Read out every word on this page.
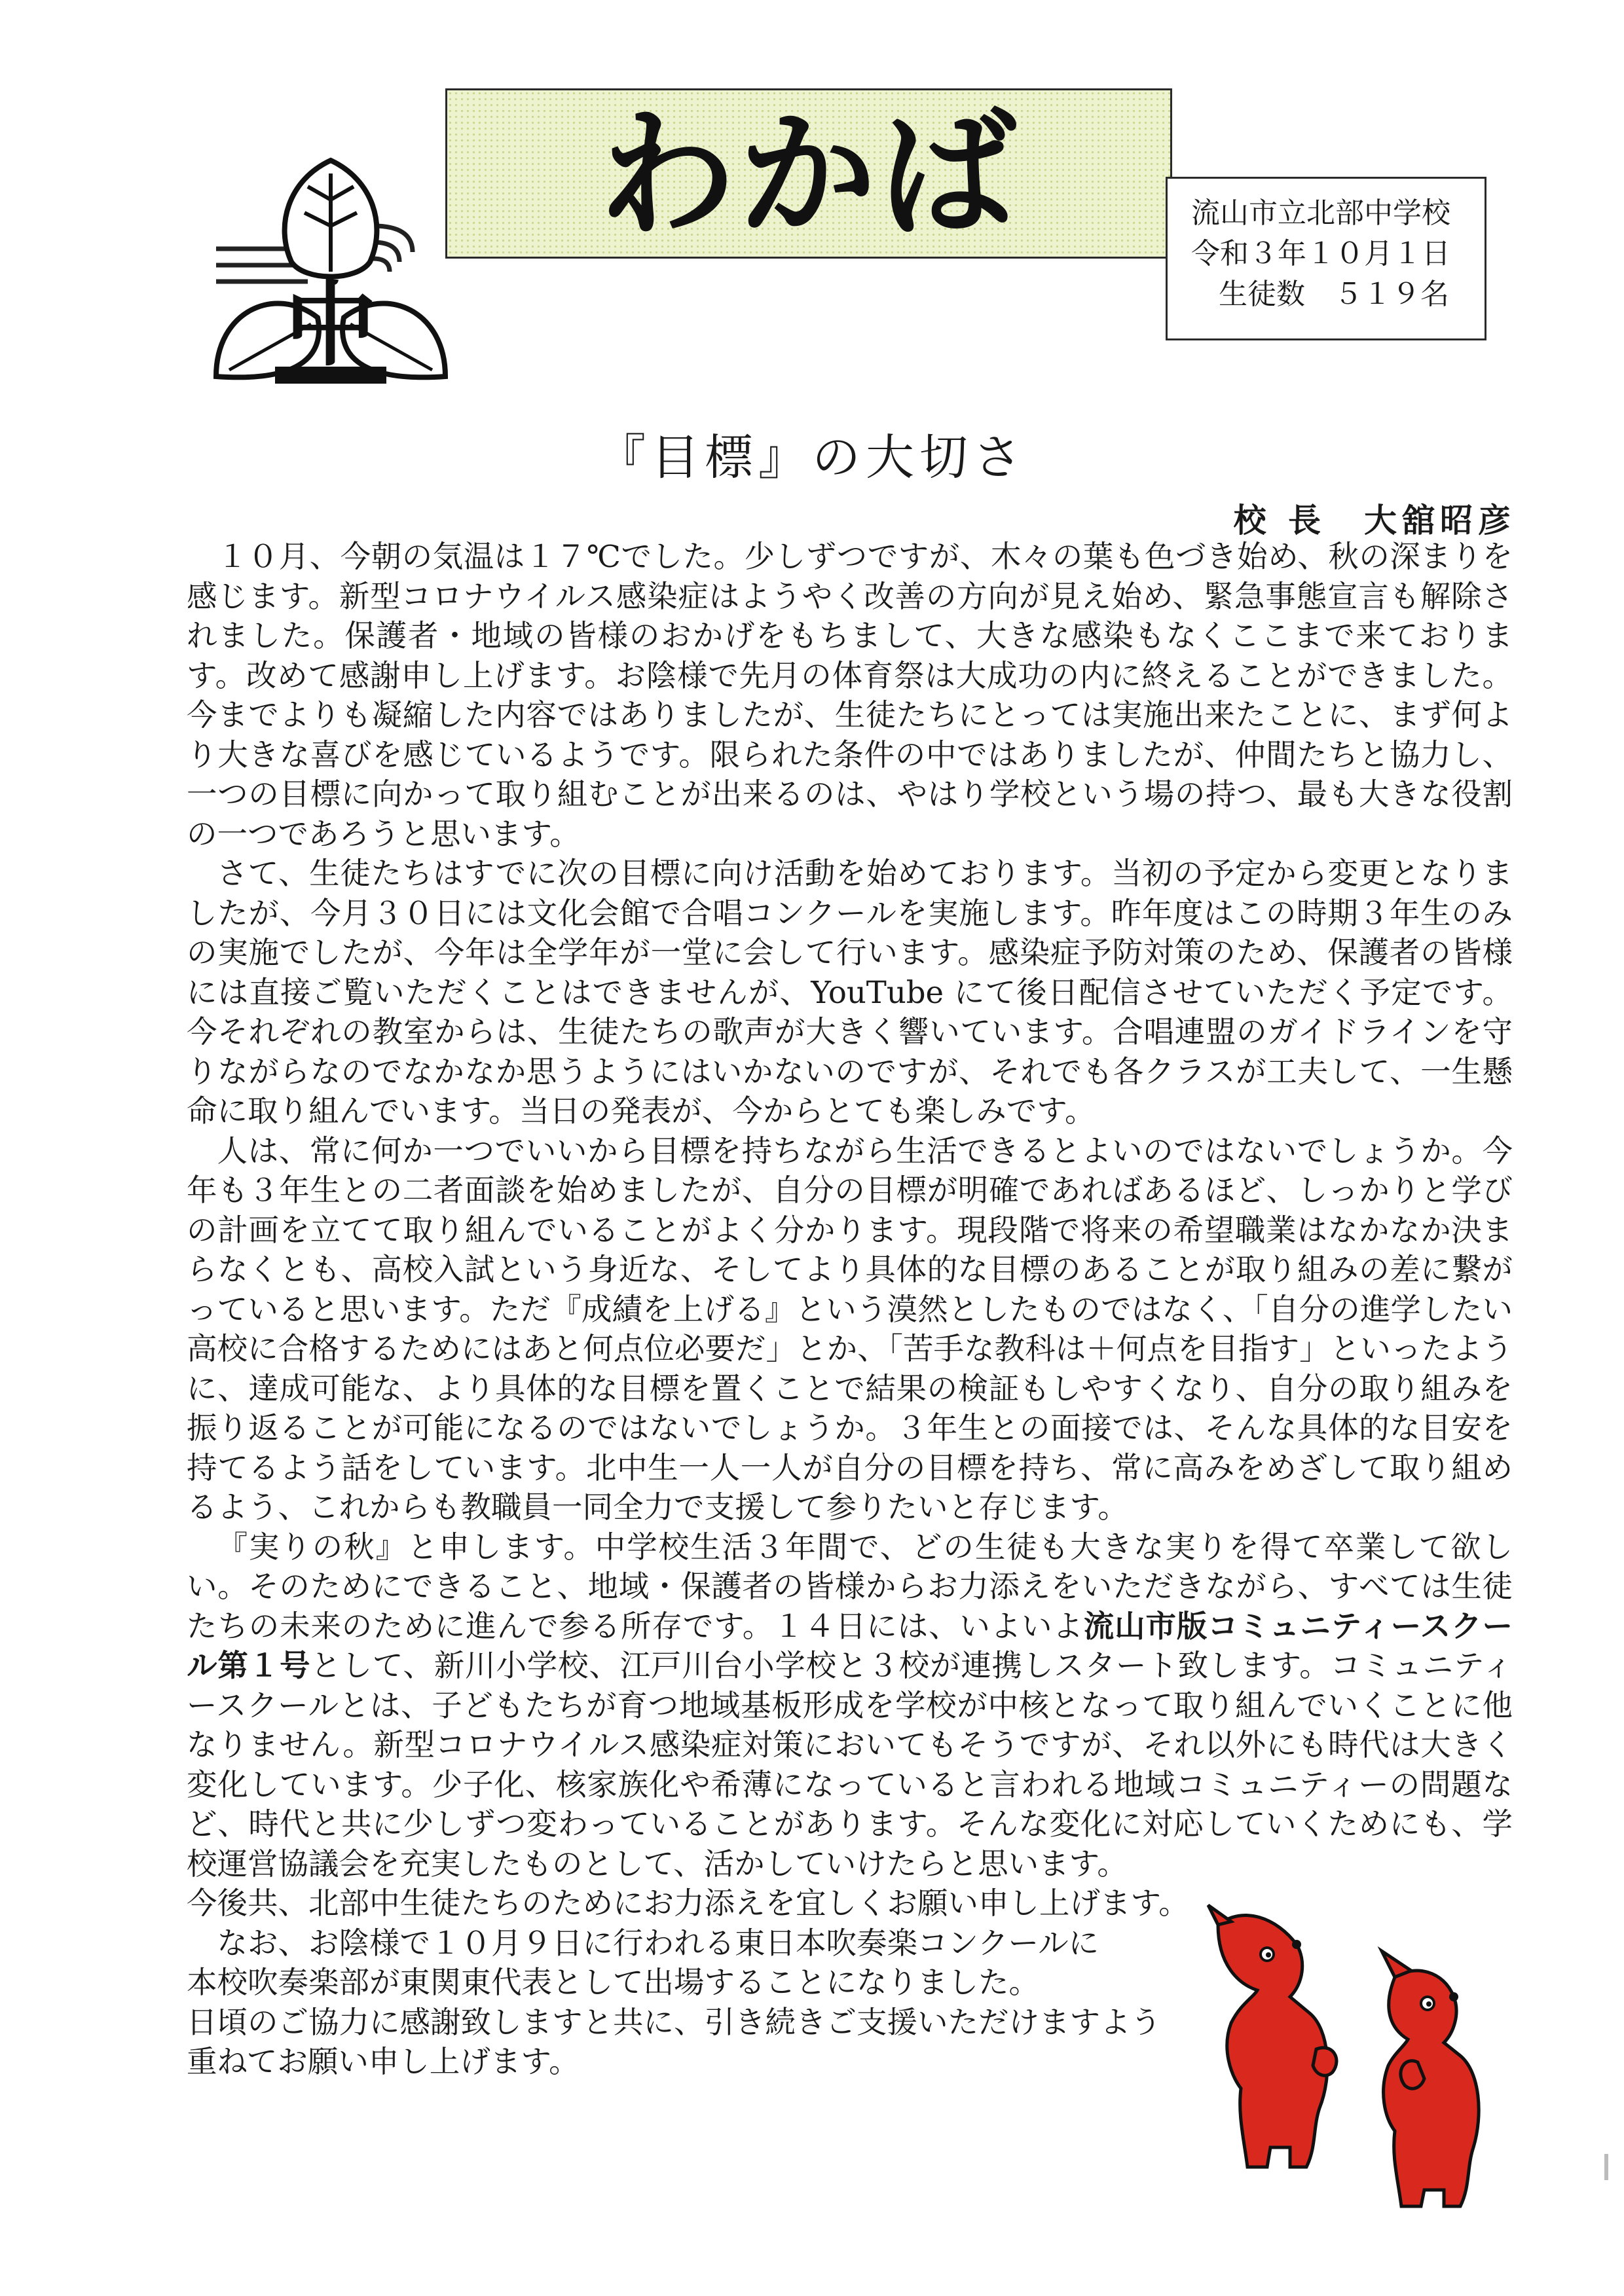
中
わかば	流山市立北部中学校
令和３年１０月１日
生徒数　５１９名
『目標』の大切さ
校 長　大舘昭彦

１０月、今朝の気温は１７℃でした。少しずつですが、木々の葉も色づき始め、秋の深まりを感じます。新型コロナウイルス感染症はようやく改善の方向が見え始め、緊急事態宣言も解除されました。保護者・地域の皆様のおかげをもちまして、大きな感染もなくここまで来ております。改めて感謝申し上げます。お陰様で先月の体育祭は大成功の内に終えることができました。今までよりも凝縮した内容ではありましたが、生徒たちにとっては実施出来たことに、まず何より大きな喜びを感じているようです。限られた条件の中ではありましたが、仲間たちと協力し、一つの目標に向かって取り組むことが出来るのは、やはり学校という場の持つ、最も大きな役割の一つであろうと思います。

さて、生徒たちはすでに次の目標に向け活動を始めております。当初の予定から変更となりましたが、今月３０日には文化会館で合唱コンクールを実施します。昨年度はこの時期３年生のみの実施でしたが、今年は全学年が一堂に会して行います。感染症予防対策のため、保護者の皆様には直接ご覧いただくことはできませんが、YouTube にて後日配信させていただく予定です。今それぞれの教室からは、生徒たちの歌声が大きく響いています。合唱連盟のガイドラインを守りながらなのでなかなか思うようにはいかないのですが、それでも各クラスが工夫して、一生懸命に取り組んでいます。当日の発表が、今からとても楽しみです。

人は、常に何か一つでいいから目標を持ちながら生活できるとよいのではないでしょうか。今年も３年生との二者面談を始めましたが、自分の目標が明確であればあるほど、しっかりと学びの計画を立てて取り組んでいることがよく分かります。現段階で将来の希望職業はなかなか決まらなくとも、高校入試という身近な、そしてより具体的な目標のあることが取り組みの差に繋がっていると思います。ただ『成績を上げる』という漠然としたものではなく、「自分の進学したい高校に合格するためにはあと何点位必要だ」とか、「苦手な教科は＋何点を目指す」といったように、達成可能な、より具体的な目標を置くことで結果の検証もしやすくなり、自分の取り組みを振り返ることが可能になるのではないでしょうか。３年生との面接では、そんな具体的な目安を持てるよう話をしています。北中生一人一人が自分の目標を持ち、常に高みをめざして取り組めるよう、これからも教職員一同全力で支援して参りたいと存じます。

『実りの秋』と申します。中学校生活３年間で、どの生徒も大きな実りを得て卒業して欲しい。そのためにできること、地域・保護者の皆様からお力添えをいただきながら、すべては生徒たちの未来のために進んで参る所存です。１４日には、いよいよ流山市版コミュニティースクール第１号として、新川小学校、江戸川台小学校と３校が連携しスタート致します。コミュニティースクールとは、子どもたちが育つ地域基板形成を学校が中核となって取り組んでいくことに他なりません。新型コロナウイルス感染症対策においてもそうですが、それ以外にも時代は大きく変化しています。少子化、核家族化や希薄になっていると言われる地域コミュニティーの問題など、時代と共に少しずつ変わっていることがあります。そんな変化に対応していくためにも、学校運営協議会を充実したものとして、活かしていけたらと思います。

今後共、北部中生徒たちのためにお力添えを宜しくお願い申し上げます。

なお、お陰様で１０月９日に行われる東日本吹奏楽コンクールに

本校吹奏楽部が東関東代表として出場することになりました。

日頃のご協力に感謝致しますと共に、引き続きご支援いただけますよう

重ねてお願い申し上げます。
